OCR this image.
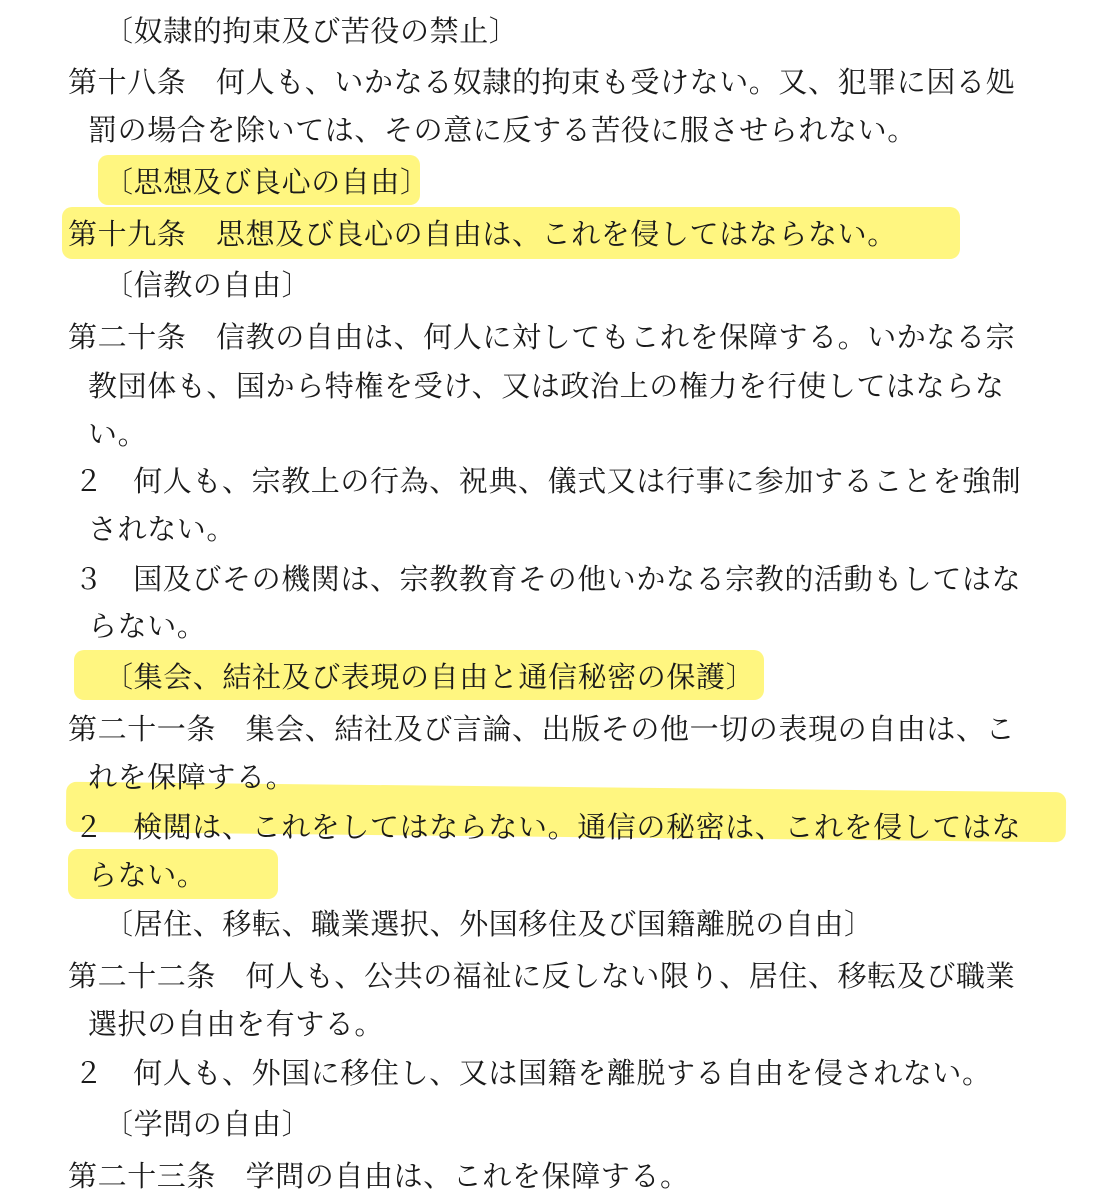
〔奴隷的拘束及び苦役の禁止〕
第十八条　何人も、いかなる奴隷的拘束も受けない。又、犯罪に因る処
罰の場合を除いては、その意に反する苦役に服させられない。
〔思想及び良心の自由〕
第十九条　思想及び良心の自由は、これを侵してはならない。
〔信教の自由〕
第二十条　信教の自由は、何人に対してもこれを保障する。いかなる宗
教団体も、国から特権を受け、又は政治上の権力を行使してはならな
い。
２　何人も、宗教上の行為、祝典、儀式又は行事に参加することを強制
されない。
３　国及びその機関は、宗教教育その他いかなる宗教的活動もしてはな
らない。
〔集会、結社及び表現の自由と通信秘密の保護〕
第二十一条　集会、結社及び言論、出版その他一切の表現の自由は、こ
れを保障する。
２　検閲は、これをしてはならない。通信の秘密は、これを侵してはな
らない。
〔居住、移転、職業選択、外国移住及び国籍離脱の自由〕
第二十二条　何人も、公共の福祉に反しない限り、居住、移転及び職業
選択の自由を有する。
２　何人も、外国に移住し、又は国籍を離脱する自由を侵されない。
〔学問の自由〕
第二十三条　学問の自由は、これを保障する。
